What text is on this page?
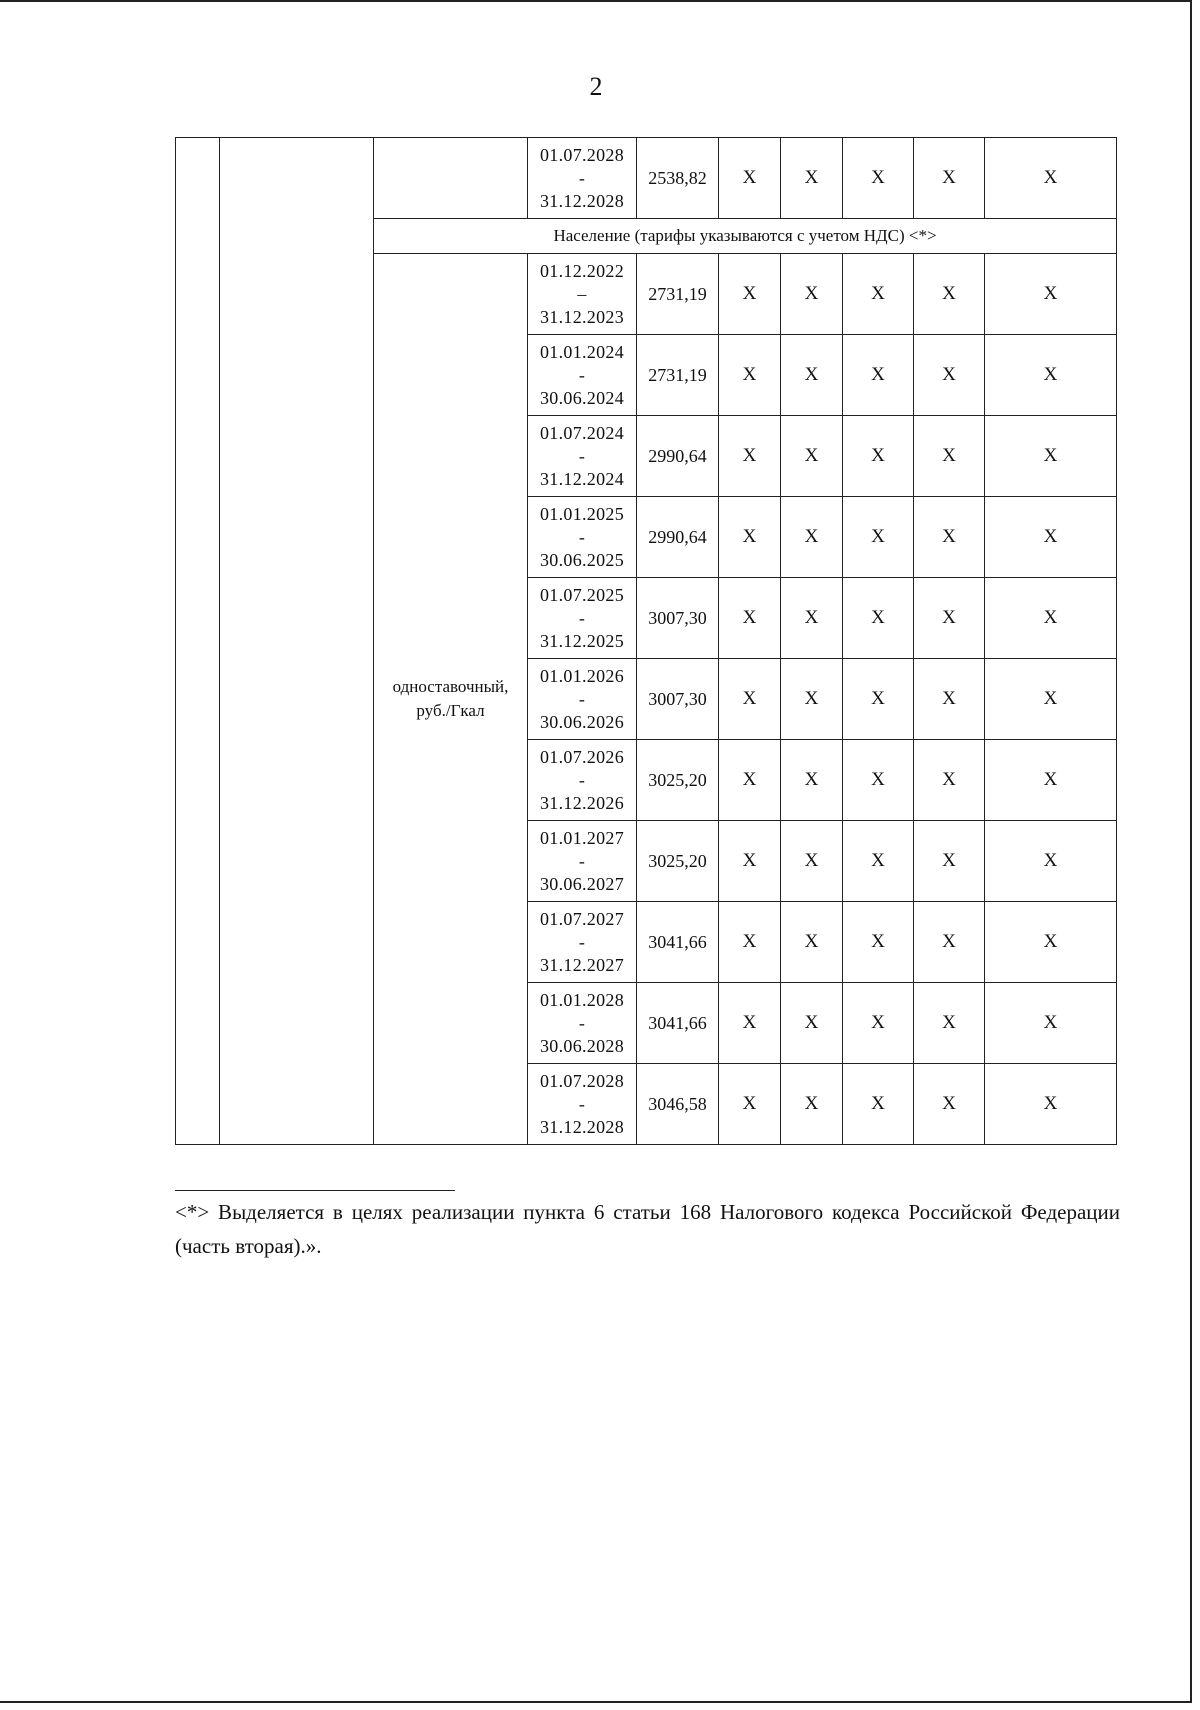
2

			01.07.2028
-
31.12.2028	2538,82	X	X	X	X	X
		Население (тарифы указываются с учетом НДС) <*>							
		одноставочный, руб./Гкал	01.12.2022
–
31.12.2023	2731,19	X	X	X	X	X

			01.01.2024
-
30.06.2024	2731,19	X	X	X	X	X

			01.07.2024
-
31.12.2024	2990,64	X	X	X	X	X

			01.01.2025
-
30.06.2025	2990,64	X	X	X	X	X

			01.07.2025
-
31.12.2025	3007,30	X	X	X	X	X

			01.01.2026
-
30.06.2026	3007,30	X	X	X	X	X

			01.07.2026
-
31.12.2026	3025,20	X	X	X	X	X

			01.01.2027
-
30.06.2027	3025,20	X	X	X	X	X

			01.07.2027
-
31.12.2027	3041,66	X	X	X	X	X

			01.01.2028
-
30.06.2028	3041,66	X	X	X	X	X

			01.07.2028
-
31.12.2028	3046,58	X	X	X	X	X
<*> Выделяется в целях реализации пункта 6 статьи 168 Налогового кодекса Российской Федерации (часть вторая).».
